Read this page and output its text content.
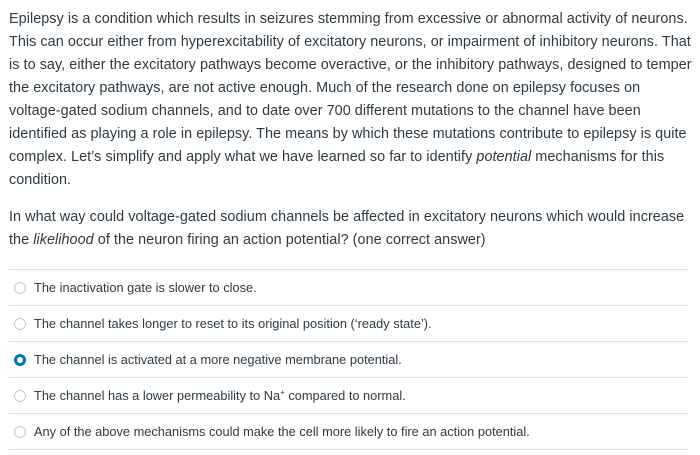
Epilepsy is a condition which results in seizures stemming from excessive or abnormal activity of neurons. This can occur either from hyperexcitability of excitatory neurons, or impairment of inhibitory neurons. That is to say, either the excitatory pathways become overactive, or the inhibitory pathways, designed to temper the excitatory pathways, are not active enough. Much of the research done on epilepsy focuses on voltage-gated sodium channels, and to date over 700 different mutations to the channel have been identified as playing a role in epilepsy. The means by which these mutations contribute to epilepsy is quite complex. Let’s simplify and apply what we have learned so far to identify potential mechanisms for this condition.

In what way could voltage-gated sodium channels be affected in excitatory neurons which would increase the likelihood of the neuron firing an action potential? (one correct answer)

The inactivation gate is slower to close.
The channel takes longer to reset to its original position (‘ready state’).
The channel is activated at a more negative membrane potential.
The channel has a lower permeability to Na+ compared to normal.
Any of the above mechanisms could make the cell more likely to fire an action potential.
